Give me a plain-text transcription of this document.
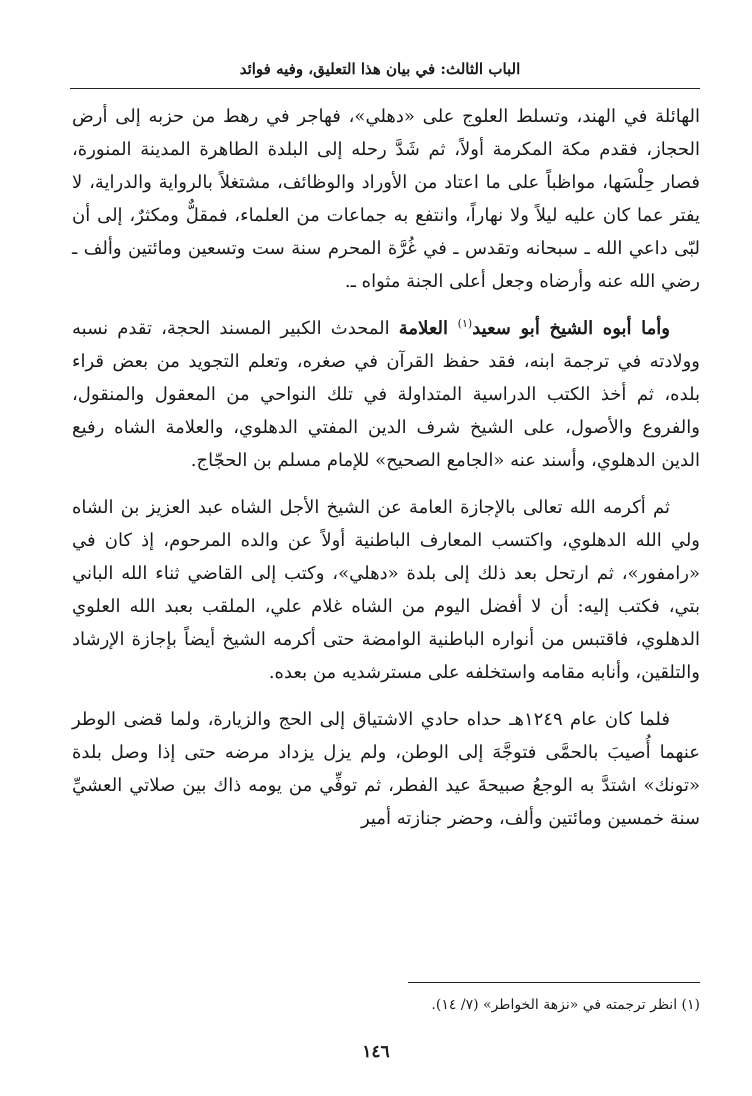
الباب الثالث: في بيان هذا التعليق، وفيه فوائد

الهائلة في الهند، وتسلط العلوج على «دهلي»، فهاجر في رهط من حزبه إلى أرض الحجاز، فقدم مكة المكرمة أولاً، ثم شَدَّ رحله إلى البلدة الطاهرة المدينة المنورة، فصار حِلْسَها، مواظباً على ما اعتاد من الأوراد والوظائف، مشتغلاً بالرواية والدراية، لا يفتر عما كان عليه ليلاً ولا نهاراً، وانتفع به جماعات من العلماء، فمقلٌّ ومكثرٌ، إلى أن لبّى داعي الله ـ سبحانه وتقدس ـ في غُرَّة المحرم سنة ست وتسعين ومائتين وألف ـ رضي الله عنه وأرضاه وجعل أعلى الجنة مثواه ـ.

وأما أبوه الشيخ أبو سعيد$^{(١)}$ العلامة المحدث الكبير المسند الحجة، تقدم نسبه وولادته في ترجمة ابنه، فقد حفظ القرآن في صغره، وتعلم التجويد من بعض قراء بلده، ثم أخذ الكتب الدراسية المتداولة في تلك النواحي من المعقول والمنقول، والفروع والأصول، على الشيخ شرف الدين المفتي الدهلوي، والعلامة الشاه رفيع الدين الدهلوي، وأسند عنه «الجامع الصحيح» للإمام مسلم بن الحجّاج.

ثم أكرمه الله تعالى بالإجازة العامة عن الشيخ الأجل الشاه عبد العزيز بن الشاه ولي الله الدهلوي، واكتسب المعارف الباطنية أولاً عن والده المرحوم، إذ كان في «رامفور»، ثم ارتحل بعد ذلك إلى بلدة «دهلي»، وكتب إلى القاضي ثناء الله الباني بتي، فكتب إليه: أن لا أفضل اليوم من الشاه غلام علي، الملقب بعبد الله العلوي الدهلوي، فاقتبس من أنواره الباطنية الوامضة حتى أكرمه الشيخ أيضاً بإجازة الإرشاد والتلقين، وأنابه مقامه واستخلفه على مسترشديه من بعده.

فلما كان عام ١٢٤٩هـ حداه حادي الاشتياق إلى الحج والزيارة، ولما قضى الوطر عنهما أُصيبَ بالحمَّى فتوجَّهَ إلى الوطن، ولم يزل يزداد مرضه حتى إذا وصل بلدة «تونك» اشتدَّ به الوجعُ صبيحةَ عيد الفطر، ثم توفِّي من يومه ذاك بين صلاتي العشيِّ سنة خمسين ومائتين وألف، وحضر جنازته أمير

(١) انظر ترجمته في «نزهة الخواطر» (٧/ ١٤).
١٤٦
